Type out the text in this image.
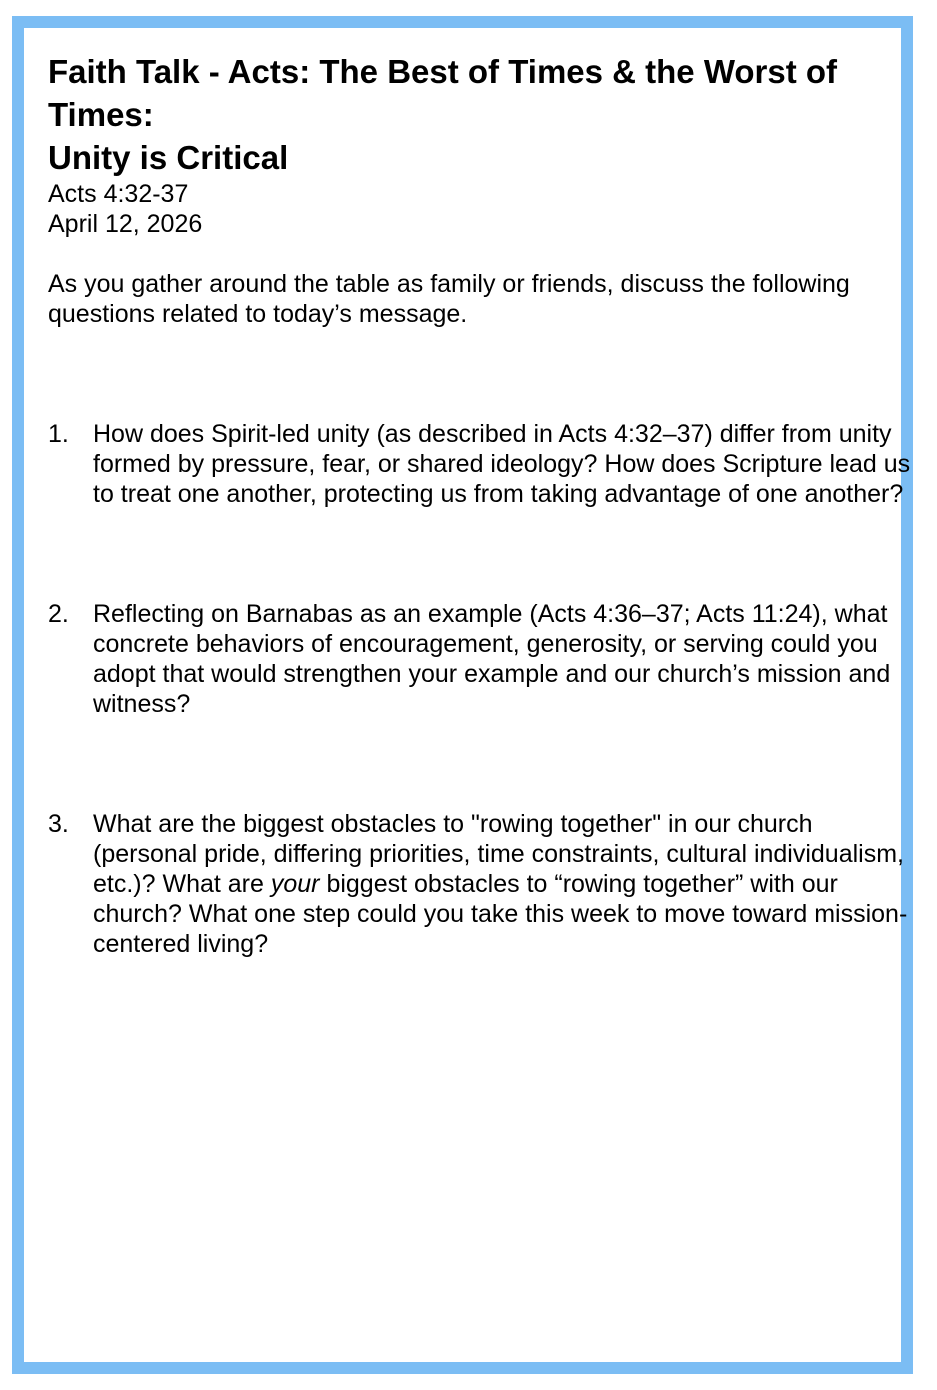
Faith Talk - Acts: The Best of Times & the Worst of Times:
Unity is Critical

Acts 4:32-37

April 12, 2026

As you gather around the table as family or friends, discuss the following questions related to today’s message.

1. How does Spirit-led unity (as described in Acts 4:32–37) differ from unity formed by pressure, fear, or shared ideology? How does Scripture lead us to treat one another, protecting us from taking advantage of one another?
2. Reflecting on Barnabas as an example (Acts 4:36–37; Acts 11:24), what concrete behaviors of encouragement, generosity, or serving could you adopt that would strengthen your example and our church’s mission and witness?
3. What are the biggest obstacles to "rowing together" in our church (personal pride, differing priorities, time constraints, cultural individualism, etc.)? What are your biggest obstacles to “rowing together” with our church? What one step could you take this week to move toward mission-centered living?
